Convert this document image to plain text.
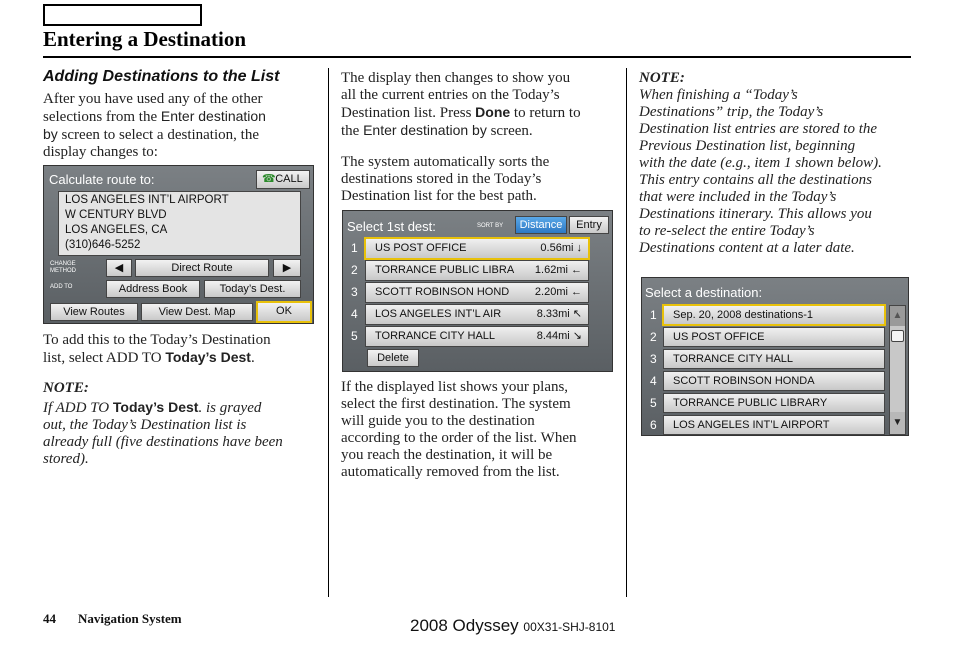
Entering a Destination
Adding Destinations to the List
After you have used any of the other
selections from the Enter destination
by screen to select a destination, the
display changes to:
Calculate route to:	☎ CALL
LOS ANGELES INT’L AIRPORT
W CENTURY BLVD
LOS ANGELES, CA
(310)646-5252
CHANGE
METHOD	◀	Direct Route	▶
ADD TO	Address Book	Today’s Dest.
View Routes	View Dest. Map	OK
To add this to the Today’s Destination
list, select ADD TO Today’s Dest.
NOTE:
If ADD TO Today’s Dest. is grayed
out, the Today’s Destination list is
already full (five destinations have been
stored).
The display then changes to show you
all the current entries on the Today’s
Destination list. Press Done to return to
the Enter destination by screen.
The system automatically sorts the
destinations stored in the Today’s
Destination list for the best path.
Select 1st dest:	SORT BY	Distance	Entry
1	US POST OFFICE	0.56mi ↓
2	TORRANCE PUBLIC LIBRA 1.62mi ←
3	SCOTT ROBINSON HOND 2.20mi ←
4	LOS ANGELES INT’L AIR	8.33mi ↖
5	TORRANCE CITY HALL	8.44mi ↘
Delete
If the displayed list shows your plans,
select the first destination. The system
will guide you to the destination
according to the order of the list. When
you reach the destination, it will be
automatically removed from the list.
NOTE:
When finishing a “Today’s
Destinations” trip, the Today’s
Destination list entries are stored to the
Previous Destination list, beginning
with the date (e.g., item 1 shown below).
This entry contains all the destinations
that were included in the Today’s
Destinations itinerary. This allows you
to re-select the entire Today’s
Destinations content at a later date.
Select a destination:
1	Sep. 20, 2008 destinations-1
2	US POST OFFICE
3	TORRANCE CITY HALL
4	SCOTT ROBINSON HONDA
5	TORRANCE PUBLIC LIBRARY
6	LOS ANGELES INT’L AIRPORT
▲
▼
44 Navigation System	2008 Odyssey 00X31-SHJ-8101
